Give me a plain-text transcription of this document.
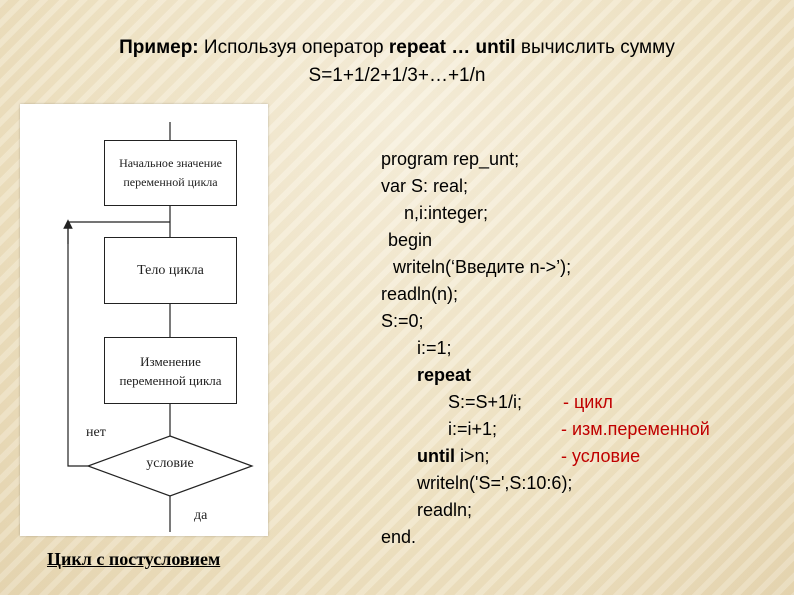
Пример: Используя оператор repeat … until вычислить сумму
S=1+1/2+1/3+…+1/n
Начальное значение
переменной цикла
Тело цикла
Изменение
переменной цикла
условие
нет
да
Цикл с постусловием
program rep_unt;
var S: real;
n,i:integer;
begin
writeln(‘Введите n->’);
readln(n);
S:=0;
i:=1;
repeat
S:=S+1/i; - цикл
i:=i+1;	- изм.переменной
until i>n;	- условие
writeln('S=',S:10:6);
readln;
end.
